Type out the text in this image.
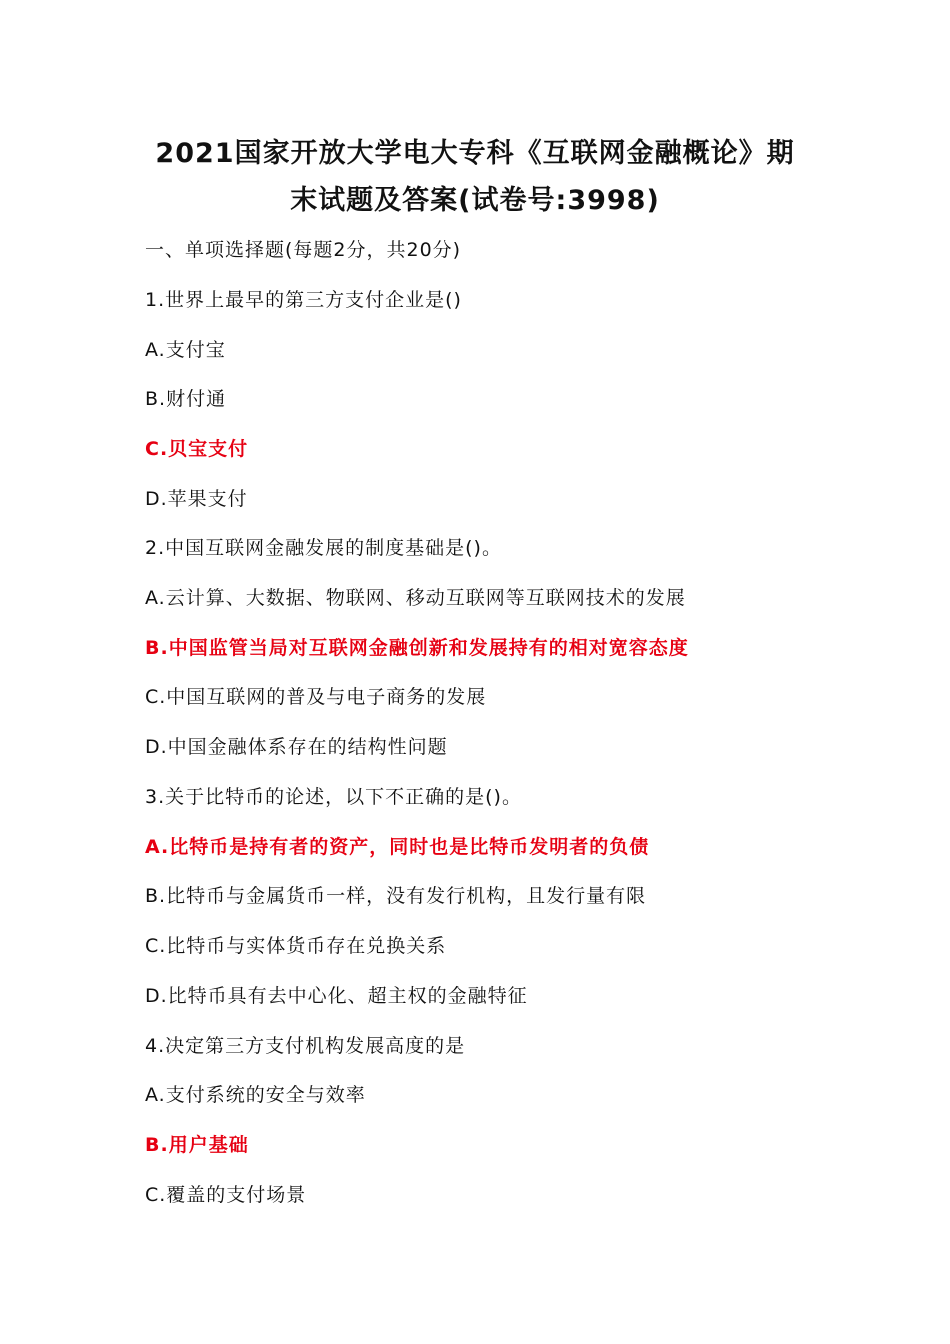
2021国家开放大学电大专科《互联网金融概论》期
末试题及答案(试卷号:3998)
一、单项选择题(每题2分，共20分)
1.世界上最早的第三方支付企业是()
A.支付宝
B.财付通
C.贝宝支付
D.苹果支付
2.中国互联网金融发展的制度基础是()。
A.云计算、大数据、物联网、移动互联网等互联网技术的发展
B.中国监管当局对互联网金融创新和发展持有的相对宽容态度
C.中国互联网的普及与电子商务的发展
D.中国金融体系存在的结构性问题
3.关于比特币的论述，以下不正确的是()。
A.比特币是持有者的资产，同时也是比特币发明者的负债
B.比特币与金属货币一样，没有发行机构，且发行量有限
C.比特币与实体货币存在兑换关系
D.比特币具有去中心化、超主权的金融特征
4.决定第三方支付机构发展高度的是
A.支付系统的安全与效率
B.用户基础
C.覆盖的支付场景
